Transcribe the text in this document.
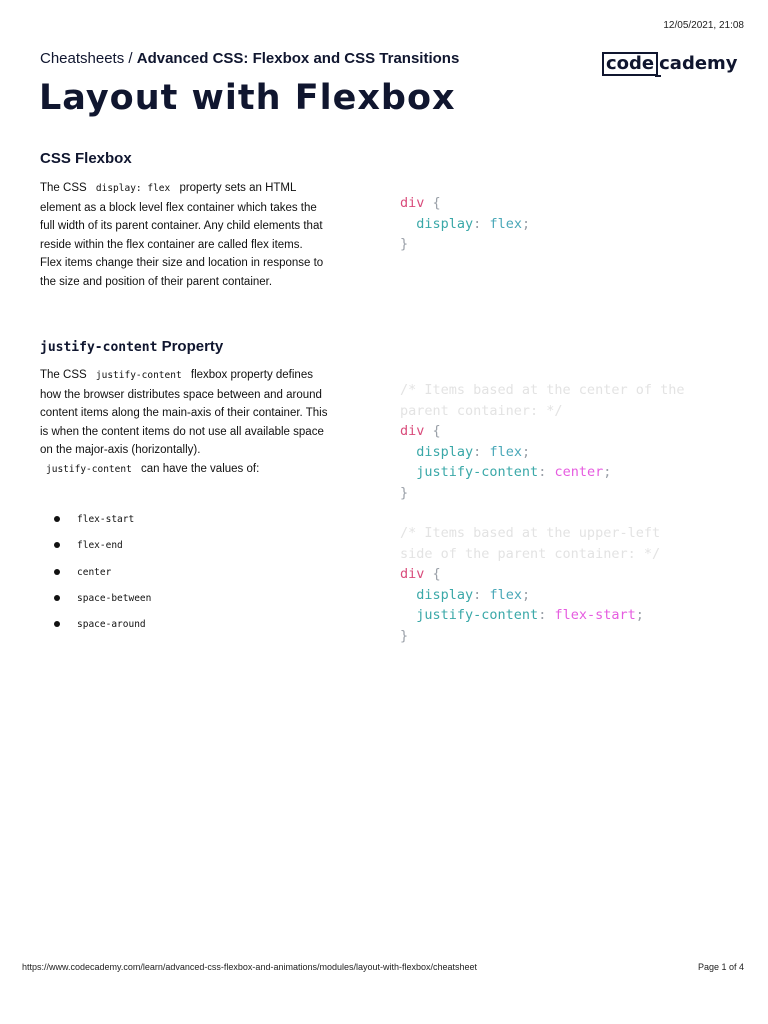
12/05/2021, 21:08
Cheatsheets / Advanced CSS: Flexbox and CSS Transitions	code cademy
Layout with Flexbox
CSS Flexbox
The CSS display: flex property sets an HTML element as a block level flex container which takes the full width of its parent container. Any child elements that reside within the flex container are called flex items.
Flex items change their size and location in response to the size and position of their parent container.
div {
display: flex;
}
justify-content Property
The CSS justify-content flexbox property defines how the browser distributes space between and around content items along the main-axis of their container. This is when the content items do not use all available space on the major-axis (horizontally).
justify-content can have the values of:
flex-start
flex-end
center
space-between
space-around
/* Items based at the center of the
parent container: */
div {
display: flex;
justify-content: center;
}
/* Items based at the upper-left
side of the parent container: */
div {
display: flex;
justify-content: flex-start;
}
https://www.codecademy.com/learn/advanced-css-flexbox-and-animations/modules/layout-with-flexbox/cheatsheet	Page 1 of 4
